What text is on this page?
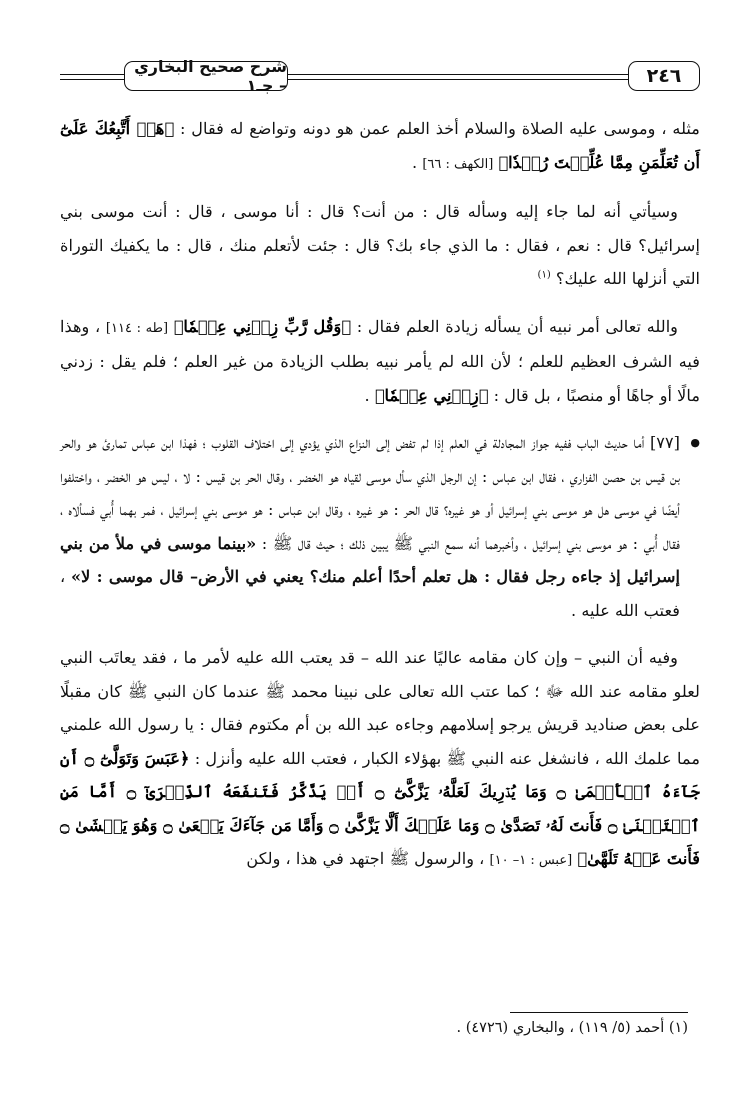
٢٤٦
شرح صحيح البخاري – جـ١

مثله ، وموسى عليه الصلاة والسلام أخذ العلم عمن هو دونه وتواضع له فقال : ﴿هَلۡ أَتَّبِعُكَ عَلَىٰٓ أَن تُعَلِّمَنِ مِمَّا عُلِّمۡتَ رُشۡدٗا﴾ [الكهف : ٦٦] .

وسيأتي أنه لما جاء إليه وسأله قال : من أنت؟ قال : أنا موسى ، قال : أنت موسى بني إسرائيل؟ قال : نعم ، فقال : ما الذي جاء بك؟ قال : جئت لأتعلم منك ، قال : ما يكفيك التوراة التي أنزلها الله عليك؟ $^{(١)}$

والله تعالى أمر نبيه أن يسأله زيادة العلم فقال : ﴿وَقُل رَّبِّ زِدۡنِي عِلۡمٗا﴾ [طه : ١١٤] ، وهذا فيه الشرف العظيم للعلم ؛ لأن الله لم يأمر نبيه بطلب الزيادة من غير العلم ؛ فلم يقل : زدني مالًا أو جاهًا أو منصبًا ، بل قال : ﴿زِدۡنِي عِلۡمٗا﴾ .

● [٧٧] أما حديث الباب ففيه جواز المجادلة في العلم إذا لم تفض إلى النزاع الذي يؤدي إلى اختلاف القلوب ؛ فهذا ابن عباس تمارئ هو والحر بن قيس بن حصن الفزاري ، فقال ابن عباس : إن الرجل الذي سأل موسى لقياه هو الخضر ، وقال الحر بن قيس : لا ، ليس هو الخضر ، واختلفوا أيضًا في موسى هل هو موسى بني إسرائيل أو هو غيره؟ قال الحر : هو غيره ، وقال ابن عباس : هو موسى بني إسرائيل ، فمر بهما أُبي فسألاه ، فقال أُبي : هو موسى بني إسرائيل ، وأخبرهما أنه سمع النبي ﷺ يبين ذلك ؛ حيث قال ﷺ : «بينما موسى في ملأ من بني إسرائيل إذ جاءه رجل فقال : هل تعلم أحدًا أعلم منك؟ يعني في الأرض– قال موسى : لا» ، فعتب الله عليه .

وفيه أن النبي – وإن كان مقامه عاليًا عند الله – قد يعتب الله عليه لأمر ما ، فقد يعاتَب النبي لعلو مقامه عند الله ﷻ ؛ كما عتب الله تعالى على نبينا محمد ﷺ عندما كان النبي ﷺ كان مقبلًا على بعض صناديد قريش يرجو إسلامهم وجاءه عبد الله بن أم مكتوم فقال : يا رسول الله علمني مما علمك الله ، فانشغل عنه النبي ﷺ بهؤلاء الكبار ، فعتب الله عليه وأنزل : ﴿عَبَسَ وَتَوَلَّىٰٓ ۝ أَن جَآءَهُ ٱلۡأَعۡمَىٰ ۝ وَمَا يُدۡرِيكَ لَعَلَّهُۥ يَزَّكَّىٰٓ ۝ أَوۡ يَذَّكَّرُ فَتَنفَعَهُ ٱلذِّكۡرَىٰٓ ۝ أَمَّا مَنِ ٱسۡتَغۡنَىٰ ۝ فَأَنتَ لَهُۥ تَصَدَّىٰ ۝ وَمَا عَلَيۡكَ أَلَّا يَزَّكَّىٰ ۝ وَأَمَّا مَن جَآءَكَ يَسۡعَىٰ ۝ وَهُوَ يَخۡشَىٰ ۝ فَأَنتَ عَنۡهُ تَلَهَّىٰ﴾ [عبس : ١– ١٠] ، والرسول ﷺ اجتهد في هذا ، ولكن

(١) أحمد (٥/ ١١٩) ، والبخاري (٤٧٢٦) .
